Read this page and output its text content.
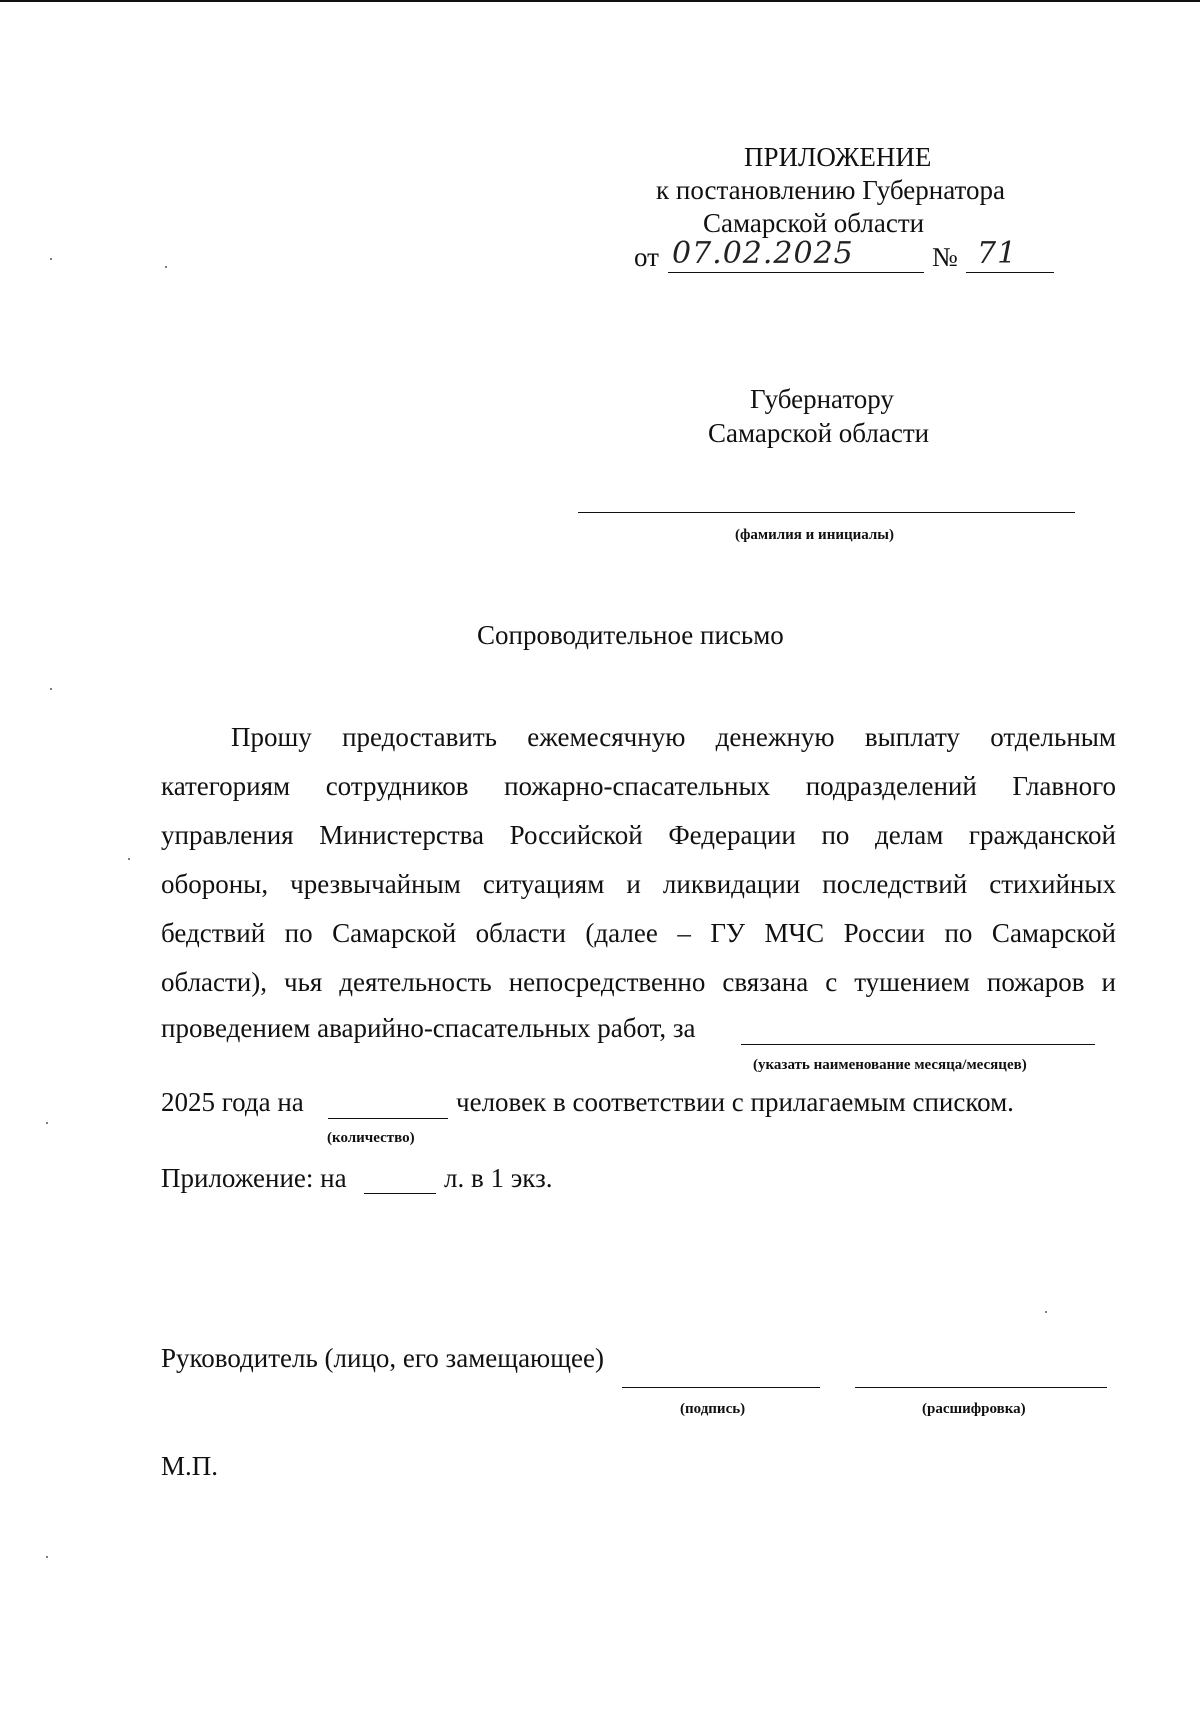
ПРИЛОЖЕНИЕ
к постановлению Губернатора
Самарской области
от 07.02.2025	№ 71
Губернатору
Самарской области
(фамилия и инициалы)
Сопроводительное письмо
Прошу предоставить ежемесячную денежную выплату отдельным
категориям сотрудников пожарно-спасательных подразделений Главного
управления Министерства Российской Федерации по делам гражданской
обороны, чрезвычайным ситуациям и ликвидации последствий стихийных
бедствий по Самарской области (далее – ГУ МЧС России по Самарской
области), чья деятельность непосредственно связана с тушением пожаров и
проведением аварийно-спасательных работ, за
(указать наименование месяца/месяцев)
2025 года на	человек в соответствии с прилагаемым списком.
(количество)
Приложение: на	л. в 1 экз.
Руководитель (лицо, его замещающее)
(подпись)	(расшифровка)
М.П.
